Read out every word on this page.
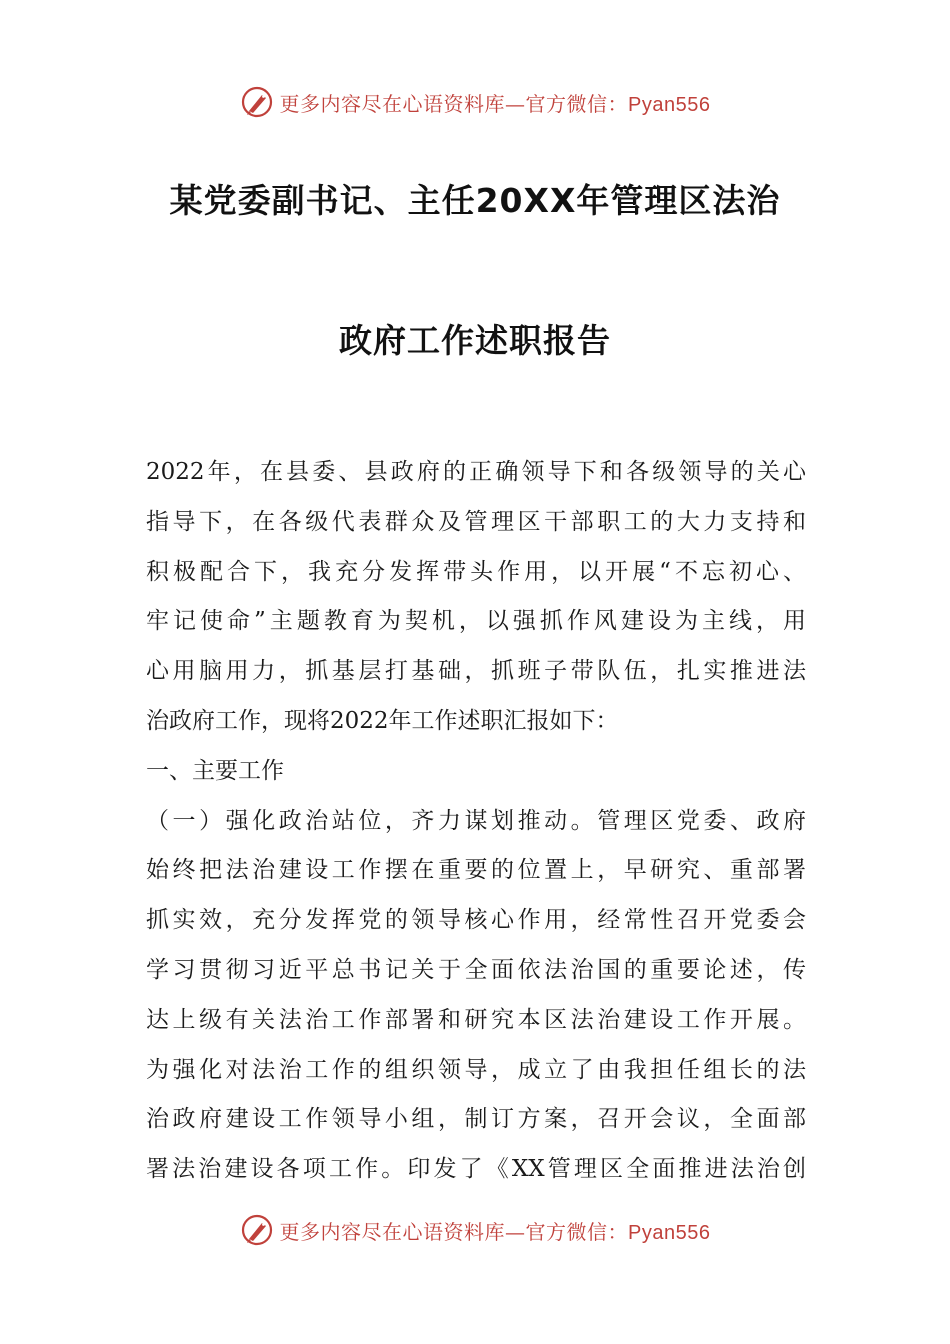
更多内容尽在心语资料库—官方微信：Pyan556
某党委副书记、主任20XX年管理区法治
政府工作述职报告
2022年，在县委、县政府的正确领导下和各级领导的关心
指导下，在各级代表群众及管理区干部职工的大力支持和
积极配合下，我充分发挥带头作用，以开展“不忘初心、
牢记使命”主题教育为契机，以强抓作风建设为主线，用
心用脑用力，抓基层打基础，抓班子带队伍，扎实推进法
治政府工作，现将2022年工作述职汇报如下：
一、主要工作
（一）强化政治站位，齐力谋划推动。管理区党委、政府
始终把法治建设工作摆在重要的位置上，早研究、重部署
抓实效，充分发挥党的领导核心作用，经常性召开党委会
学习贯彻习近平总书记关于全面依法治国的重要论述，传
达上级有关法治工作部署和研究本区法治建设工作开展。
为强化对法治工作的组织领导，成立了由我担任组长的法
治政府建设工作领导小组，制订方案，召开会议，全面部
署法治建设各项工作。印发了《XX管理区全面推进法治创
更多内容尽在心语资料库—官方微信：Pyan556
